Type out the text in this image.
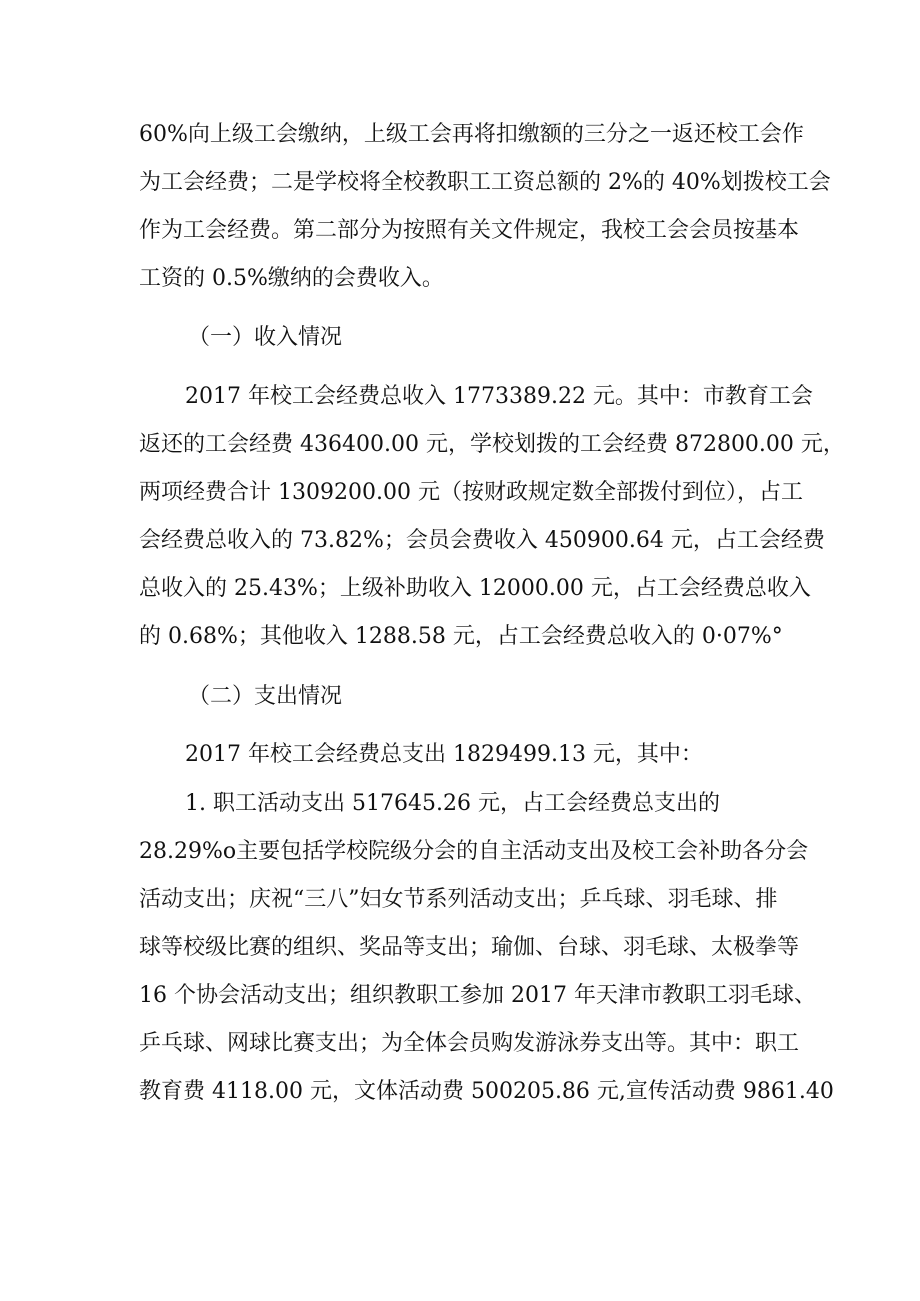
60%向上级工会缴纳，上级工会再将扣缴额的三分之一返还校工会作
为工会经费；二是学校将全校教职工工资总额的 2%的 40%划拨校工会
作为工会经费。第二部分为按照有关文件规定，我校工会会员按基本
工资的 0.5%缴纳的会费收入。
（一）收入情况
2017 年校工会经费总收入 1773389.22 元。其中：市教育工会
返还的工会经费 436400.00 元，学校划拨的工会经费 872800.00 元，
两项经费合计 1309200.00 元（按财政规定数全部拨付到位），占工
会经费总收入的 73.82%；会员会费收入 450900.64 元，占工会经费
总收入的 25.43%；上级补助收入 12000.00 元，占工会经费总收入
的 0.68%；其他收入 1288.58 元，占工会经费总收入的 0·07%°
（二）支出情况
2017 年校工会经费总支出 1829499.13 元，其中：
1. 职工活动支出 517645.26 元，占工会经费总支出的
28.29%o主要包括学校院级分会的自主活动支出及校工会补助各分会
活动支出；庆祝“三八”妇女节系列活动支出；乒乓球、羽毛球、排
球等校级比赛的组织、奖品等支出；瑜伽、台球、羽毛球、太极拳等
16 个协会活动支出；组织教职工参加 2017 年天津市教职工羽毛球、
乒乓球、网球比赛支出；为全体会员购发游泳券支出等。其中：职工
教育费 4118.00 元，文体活动费 500205.86 元,宣传活动费 9861.40
